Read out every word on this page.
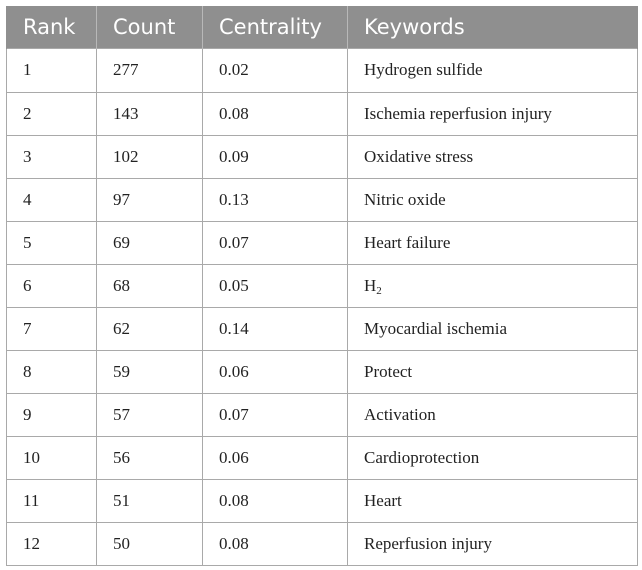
Rank	Count	Centrality	Keywords
1	277	0.02	Hydrogen sulfide
2	143	0.08	Ischemia reperfusion injury
3	102	0.09	Oxidative stress
4	97	0.13	Nitric oxide
5	69	0.07	Heart failure
6	68	0.05	$H_2$
7	62	0.14	Myocardial ischemia
8	59	0.06	Protect
9	57	0.07	Activation
10	56	0.06	Cardioprotection
11	51	0.08	Heart
12	50	0.08	Reperfusion injury
